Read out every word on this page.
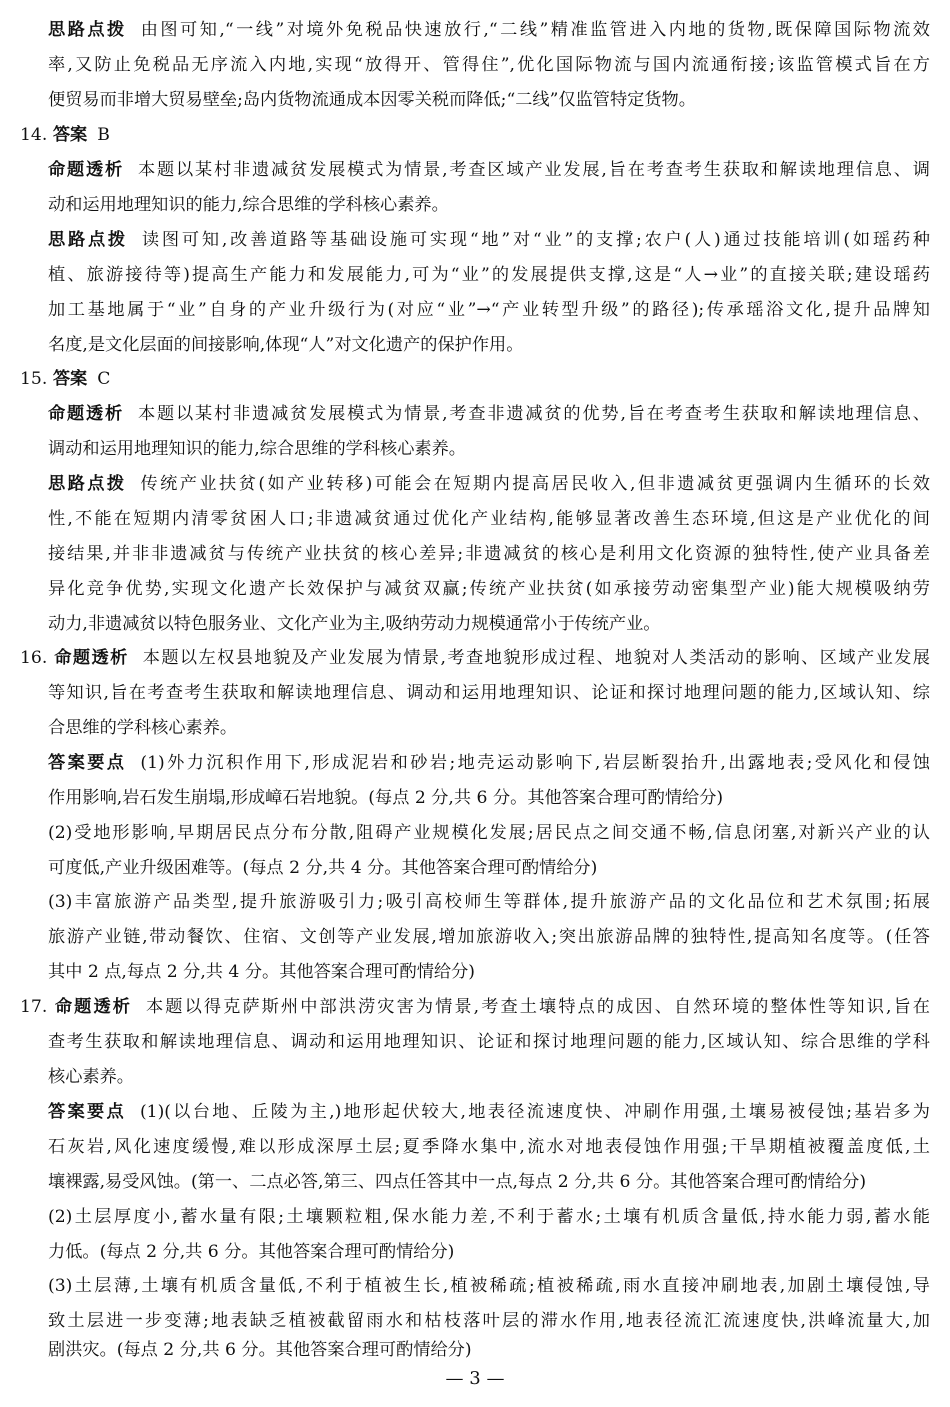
思路点拨 由图可知,“一线”对境外免税品快速放行,“二线”精准监管进入内地的货物,既保障国际物流效
率,又防止免税品无序流入内地,实现“放得开、管得住”,优化国际物流与国内流通衔接;该监管模式旨在方
便贸易而非增大贸易壁垒;岛内货物流通成本因零关税而降低;“二线”仅监管特定货物。
14. 答案 B
命题透析 本题以某村非遗减贫发展模式为情景,考查区域产业发展,旨在考查考生获取和解读地理信息、调
动和运用地理知识的能力,综合思维的学科核心素养。
思路点拨 读图可知,改善道路等基础设施可实现“地”对“业”的支撑;农户(人)通过技能培训(如瑶药种
植、旅游接待等)提高生产能力和发展能力,可为“业”的发展提供支撑,这是“人→业”的直接关联;建设瑶药
加工基地属于“业”自身的产业升级行为(对应“业”→“产业转型升级”的路径);传承瑶浴文化,提升品牌知
名度,是文化层面的间接影响,体现“人”对文化遗产的保护作用。
15. 答案 C
命题透析 本题以某村非遗减贫发展模式为情景,考查非遗减贫的优势,旨在考查考生获取和解读地理信息、
调动和运用地理知识的能力,综合思维的学科核心素养。
思路点拨 传统产业扶贫(如产业转移)可能会在短期内提高居民收入,但非遗减贫更强调内生循环的长效
性,不能在短期内清零贫困人口;非遗减贫通过优化产业结构,能够显著改善生态环境,但这是产业优化的间
接结果,并非非遗减贫与传统产业扶贫的核心差异;非遗减贫的核心是利用文化资源的独特性,使产业具备差
异化竞争优势,实现文化遗产长效保护与减贫双赢;传统产业扶贫(如承接劳动密集型产业)能大规模吸纳劳
动力,非遗减贫以特色服务业、文化产业为主,吸纳劳动力规模通常小于传统产业。
16. 命题透析 本题以左权县地貌及产业发展为情景,考查地貌形成过程、地貌对人类活动的影响、区域产业发展
等知识,旨在考查考生获取和解读地理信息、调动和运用地理知识、论证和探讨地理问题的能力,区域认知、综
合思维的学科核心素养。
答案要点 (1)外力沉积作用下,形成泥岩和砂岩;地壳运动影响下,岩层断裂抬升,出露地表;受风化和侵蚀
作用影响,岩石发生崩塌,形成嶂石岩地貌。(每点 2 分,共 6 分。其他答案合理可酌情给分)
(2)受地形影响,早期居民点分布分散,阻碍产业规模化发展;居民点之间交通不畅,信息闭塞,对新兴产业的认
可度低,产业升级困难等。(每点 2 分,共 4 分。其他答案合理可酌情给分)
(3)丰富旅游产品类型,提升旅游吸引力;吸引高校师生等群体,提升旅游产品的文化品位和艺术氛围;拓展
旅游产业链,带动餐饮、住宿、文创等产业发展,增加旅游收入;突出旅游品牌的独特性,提高知名度等。(任答
其中 2 点,每点 2 分,共 4 分。其他答案合理可酌情给分)
17. 命题透析 本题以得克萨斯州中部洪涝灾害为情景,考查土壤特点的成因、自然环境的整体性等知识,旨在
查考生获取和解读地理信息、调动和运用地理知识、论证和探讨地理问题的能力,区域认知、综合思维的学科
核心素养。
答案要点 (1)(以台地、丘陵为主,)地形起伏较大,地表径流速度快、冲刷作用强,土壤易被侵蚀;基岩多为
石灰岩,风化速度缓慢,难以形成深厚土层;夏季降水集中,流水对地表侵蚀作用强;干旱期植被覆盖度低,土
壤裸露,易受风蚀。(第一、二点必答,第三、四点任答其中一点,每点 2 分,共 6 分。其他答案合理可酌情给分)
(2)土层厚度小,蓄水量有限;土壤颗粒粗,保水能力差,不利于蓄水;土壤有机质含量低,持水能力弱,蓄水能
力低。(每点 2 分,共 6 分。其他答案合理可酌情给分)
(3)土层薄,土壤有机质含量低,不利于植被生长,植被稀疏;植被稀疏,雨水直接冲刷地表,加剧土壤侵蚀,导
致土层进一步变薄;地表缺乏植被截留雨水和枯枝落叶层的滞水作用,地表径流汇流速度快,洪峰流量大,加
— 3 —
剧洪灾。(每点 2 分,共 6 分。其他答案合理可酌情给分)
